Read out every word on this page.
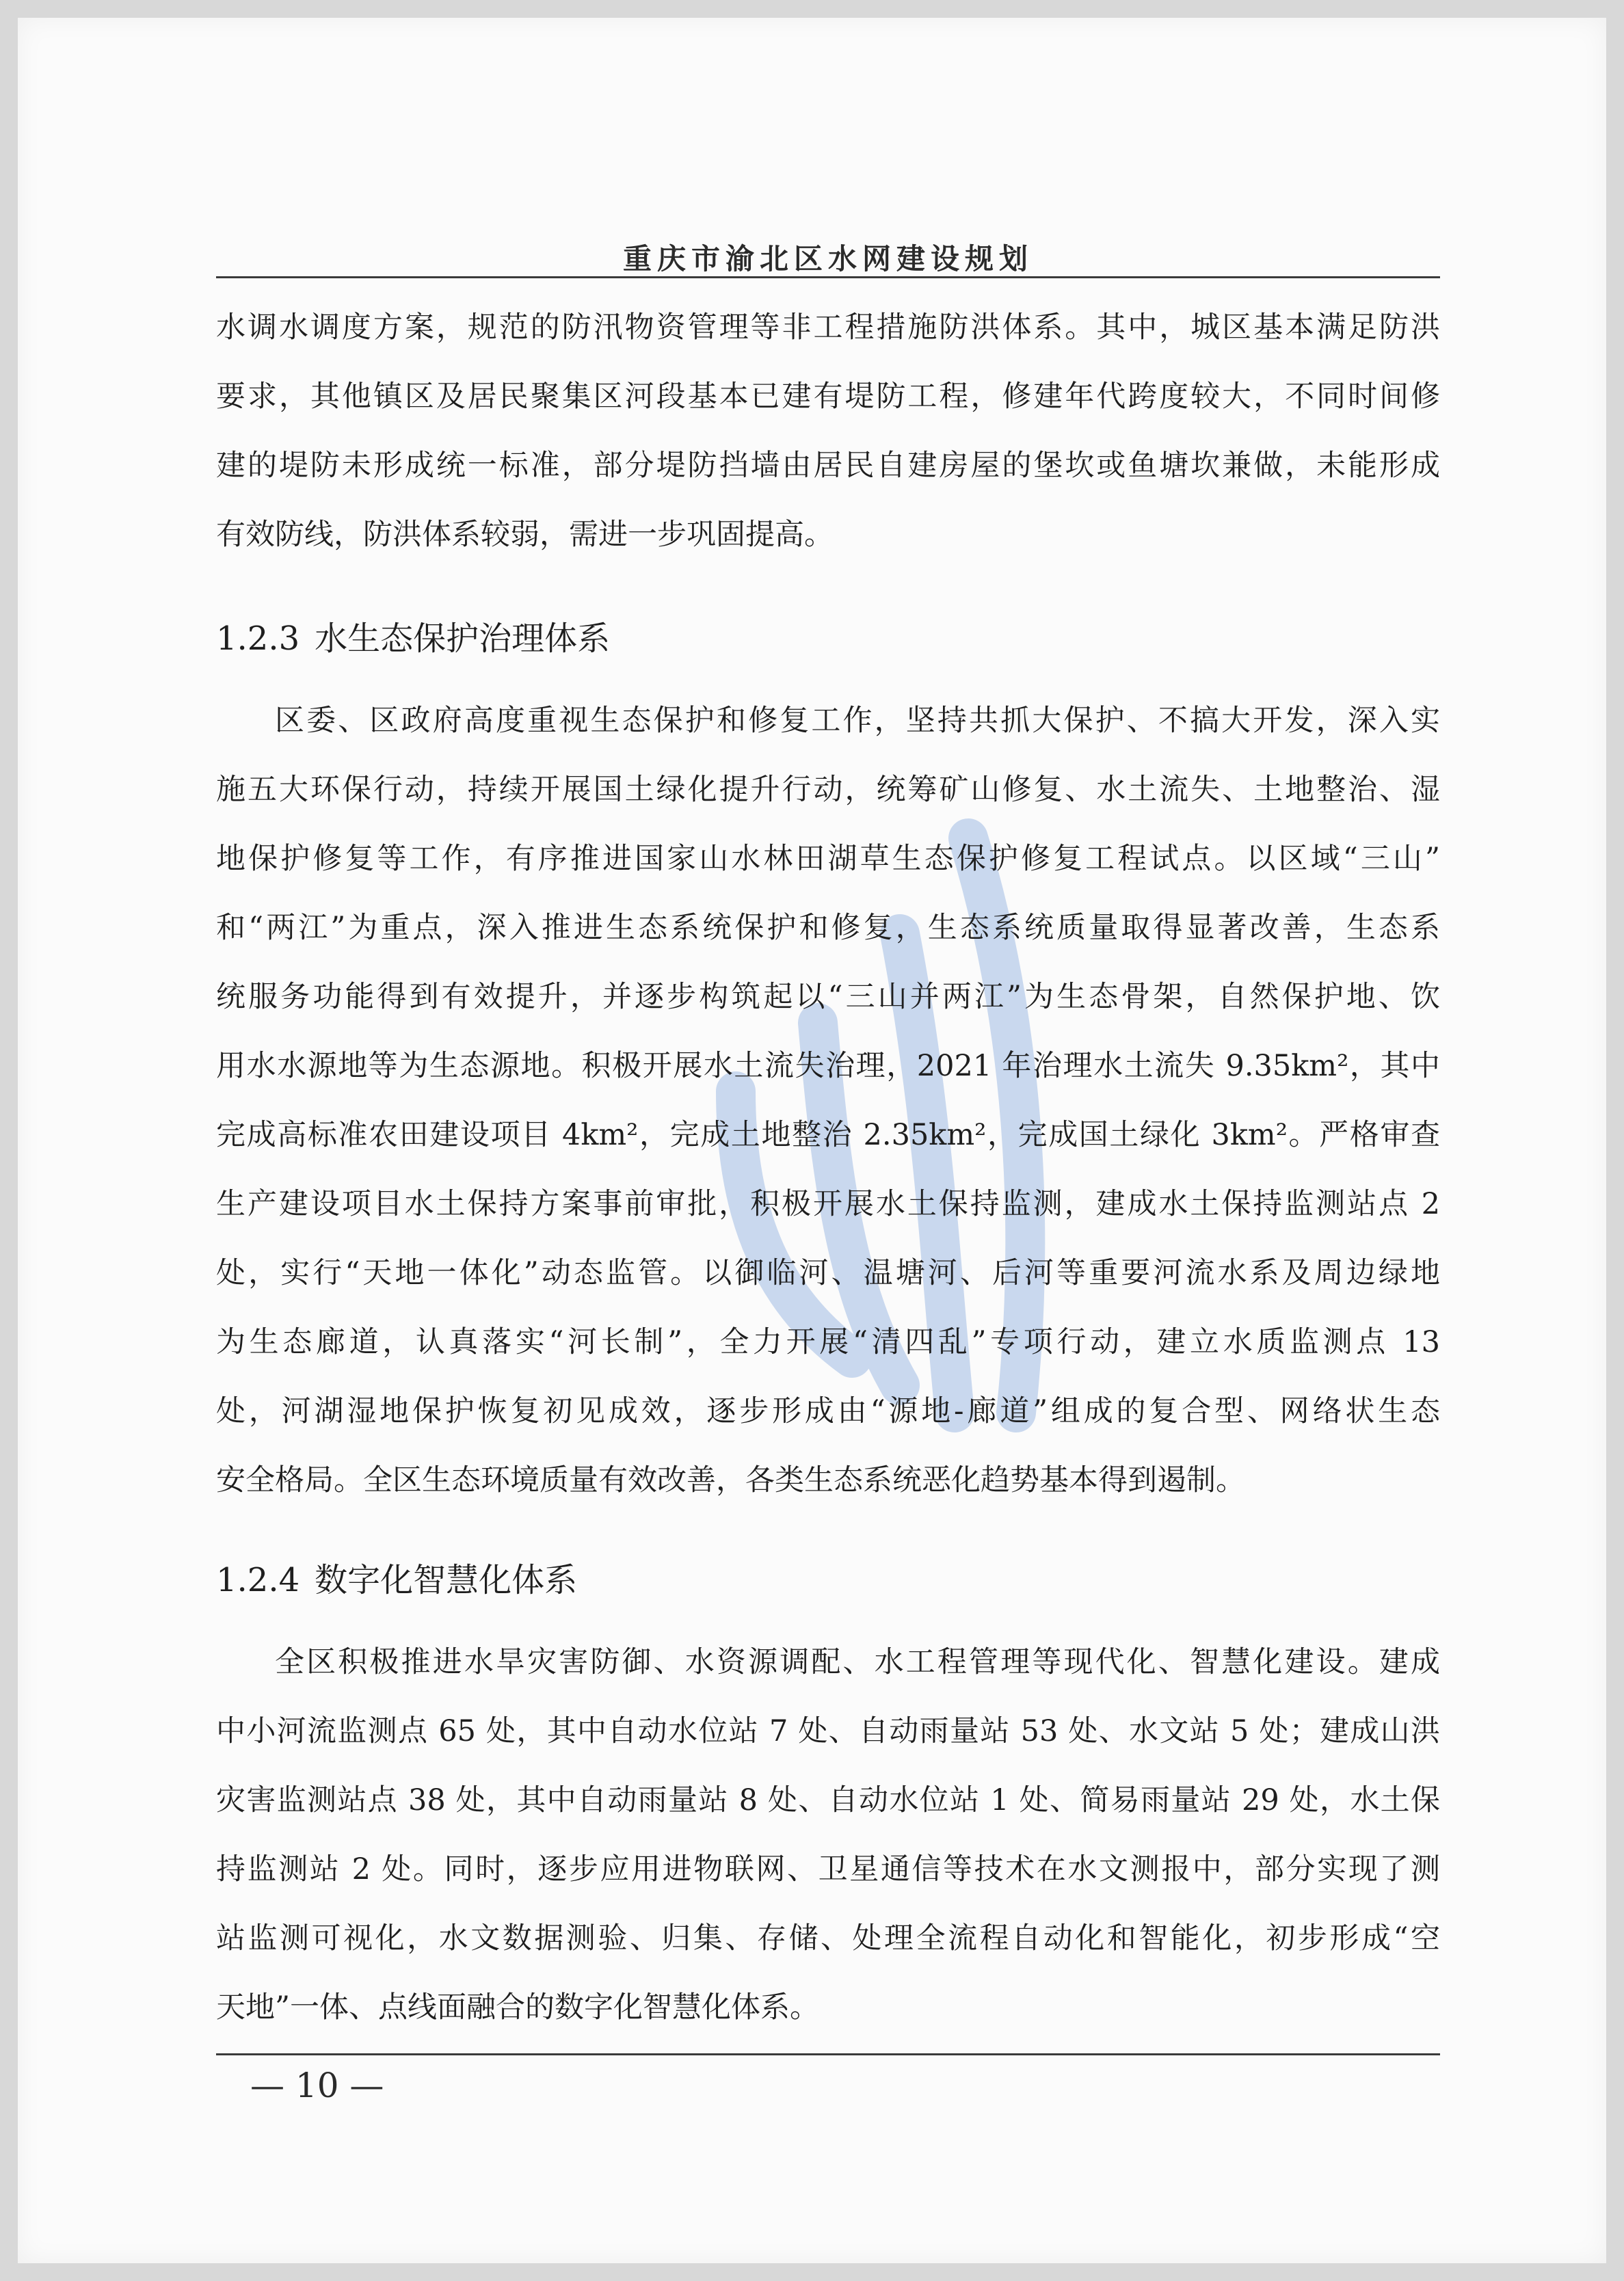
重庆市渝北区水网建设规划
水调水调度方案，规范的防汛物资管理等非工程措施防洪体系。其中，城区基本满足防洪
要求，其他镇区及居民聚集区河段基本已建有堤防工程，修建年代跨度较大，不同时间修
建的堤防未形成统一标准，部分堤防挡墙由居民自建房屋的堡坎或鱼塘坎兼做，未能形成
有效防线，防洪体系较弱，需进一步巩固提高。
1.2.3 水生态保护治理体系
区委、区政府高度重视生态保护和修复工作，坚持共抓大保护、不搞大开发，深入实
施五大环保行动，持续开展国土绿化提升行动，统筹矿山修复、水土流失、土地整治、湿
地保护修复等工作，有序推进国家山水林田湖草生态保护修复工程试点。以区域“三山”
和“两江”为重点，深入推进生态系统保护和修复，生态系统质量取得显著改善，生态系
统服务功能得到有效提升，并逐步构筑起以“三山并两江”为生态骨架，自然保护地、饮
用水水源地等为生态源地。积极开展水土流失治理，2021 年治理水土流失 9.35km²，其中
完成高标准农田建设项目 4km²，完成土地整治 2.35km²，完成国土绿化 3km²。严格审查
生产建设项目水土保持方案事前审批，积极开展水土保持监测，建成水土保持监测站点 2
处，实行“天地一体化”动态监管。以御临河、温塘河、后河等重要河流水系及周边绿地
为生态廊道，认真落实“河长制”，全力开展“清四乱”专项行动，建立水质监测点 13
处，河湖湿地保护恢复初见成效，逐步形成由“源地-廊道”组成的复合型、网络状生态
安全格局。全区生态环境质量有效改善，各类生态系统恶化趋势基本得到遏制。
1.2.4 数字化智慧化体系
全区积极推进水旱灾害防御、水资源调配、水工程管理等现代化、智慧化建设。建成
中小河流监测点 65 处，其中自动水位站 7 处、自动雨量站 53 处、水文站 5 处；建成山洪
灾害监测站点 38 处，其中自动雨量站 8 处、自动水位站 1 处、简易雨量站 29 处，水土保
持监测站 2 处。同时，逐步应用进物联网、卫星通信等技术在水文测报中，部分实现了测
站监测可视化，水文数据测验、归集、存储、处理全流程自动化和智能化，初步形成“空
天地”一体、点线面融合的数字化智慧化体系。
— 10 —
